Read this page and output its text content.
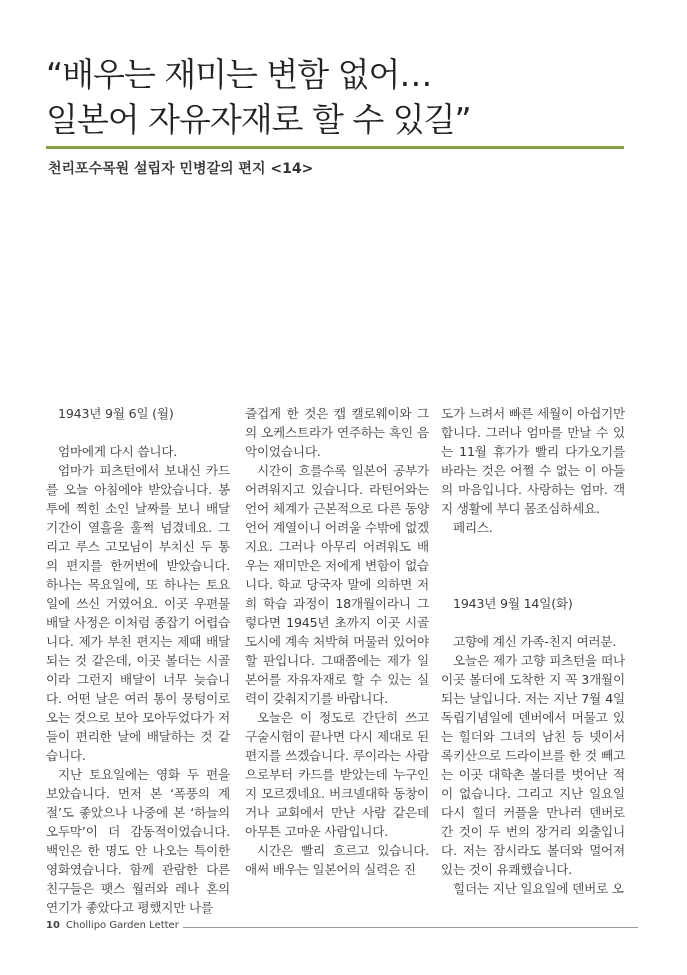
“배우는 재미는 변함 없어…
일본어 자유자재로 할 수 있길”
천리포수목원 설립자 민병갈의 편지 <14>

1943년 9월 6일 (월)

엄마에게 다시 씁니다.

엄마가 피츠턴에서 보내신 카드를 오늘 아침에야 받았습니다. 봉투에 찍힌 소인 날짜를 보니 배달 기간이 열흘을 훌쩍 넘겼네요. 그리고 루스 고모님이 부치신 두 통의 편지를 한꺼번에 받았습니다. 하나는 목요일에, 또 하나는 토요일에 쓰신 거였어요. 이곳 우편물 배달 사정은 이처럼 종잡기 어렵습니다. 제가 부친 편지는 제때 배달 되는 것 같은데, 이곳 볼더는 시골이라 그런지 배달이 너무 늦습니다. 어떤 날은 여러 통이 뭉텅이로 오는 것으로 보아 모아두었다가 저들이 편리한 날에 배달하는 것 같습니다.

지난 토요일에는 영화 두 편을 보았습니다. 먼저 본 ‘폭풍의 계절’도 좋았으나 나중에 본 ‘하늘의 오두막’이 더 감동적이었습니다. 백인은 한 명도 안 나오는 특이한 영화였습니다. 함께 관람한 다른 친구들은 팻스 월러와 레나 혼의 연기가 좋았다고 평했지만 나를

즐겁게 한 것은 캡 캘로웨이와 그의 오케스트라가 연주하는 흑인 음악이었습니다.

시간이 흐를수록 일본어 공부가 어려워지고 있습니다. 라틴어와는 언어 체계가 근본적으로 다른 동양 언어 계열이니 어려울 수밖에 없겠지요. 그러나 아무리 어려워도 배우는 재미만은 저에게 변함이 없습니다. 학교 당국자 말에 의하면 저희 학습 과정이 18개월이라니 그렇다면 1945년 초까지 이곳 시골 도시에 계속 처박혀 머물러 있어야 할 판입니다. 그때쯤에는 제가 일본어를 자유자재로 할 수 있는 실력이 갖춰지기를 바랍니다.

오늘은 이 정도로 간단히 쓰고 구술시험이 끝나면 다시 제대로 된 편지를 쓰겠습니다. 루이라는 사람으로부터 카드를 받았는데 누구인지 모르겠네요. 버크넬대학 동창이거나 교회에서 만난 사람 같은데 아무튼 고마운 사람입니다.

시간은 빨리 흐르고 있습니다. 애써 배우는 일본어의 실력은 진

도가 느려서 빠른 세월이 아쉽기만 합니다. 그러나 엄마를 만날 수 있는 11월 휴가가 빨리 다가오기를 바라는 것은 어쩔 수 없는 이 아들의 마음입니다. 사랑하는 엄마. 객지 생활에 부디 몸조심하세요.

페리스.

1943년 9월 14일(화)

고향에 계신 가족-친지 여러분.

오늘은 제가 고향 피츠턴을 떠나 이곳 볼더에 도착한 지 꼭 3개월이 되는 날입니다. 저는 지난 7월 4일 독립기념일에 덴버에서 머물고 있는 힐더와 그녀의 남친 등 넷이서 록키산으로 드라이브를 한 것 빼고는 이곳 대학촌 볼더를 벗어난 적이 없습니다. 그리고 지난 일요일 다시 힐더 커플을 만나러 덴버로 간 것이 두 번의 장거리 외출입니다. 저는 잠시라도 볼더와 멀어져 있는 것이 유쾌했습니다.

힐더는 지난 일요일에 덴버로 오

10 Chollipo Garden Letter
